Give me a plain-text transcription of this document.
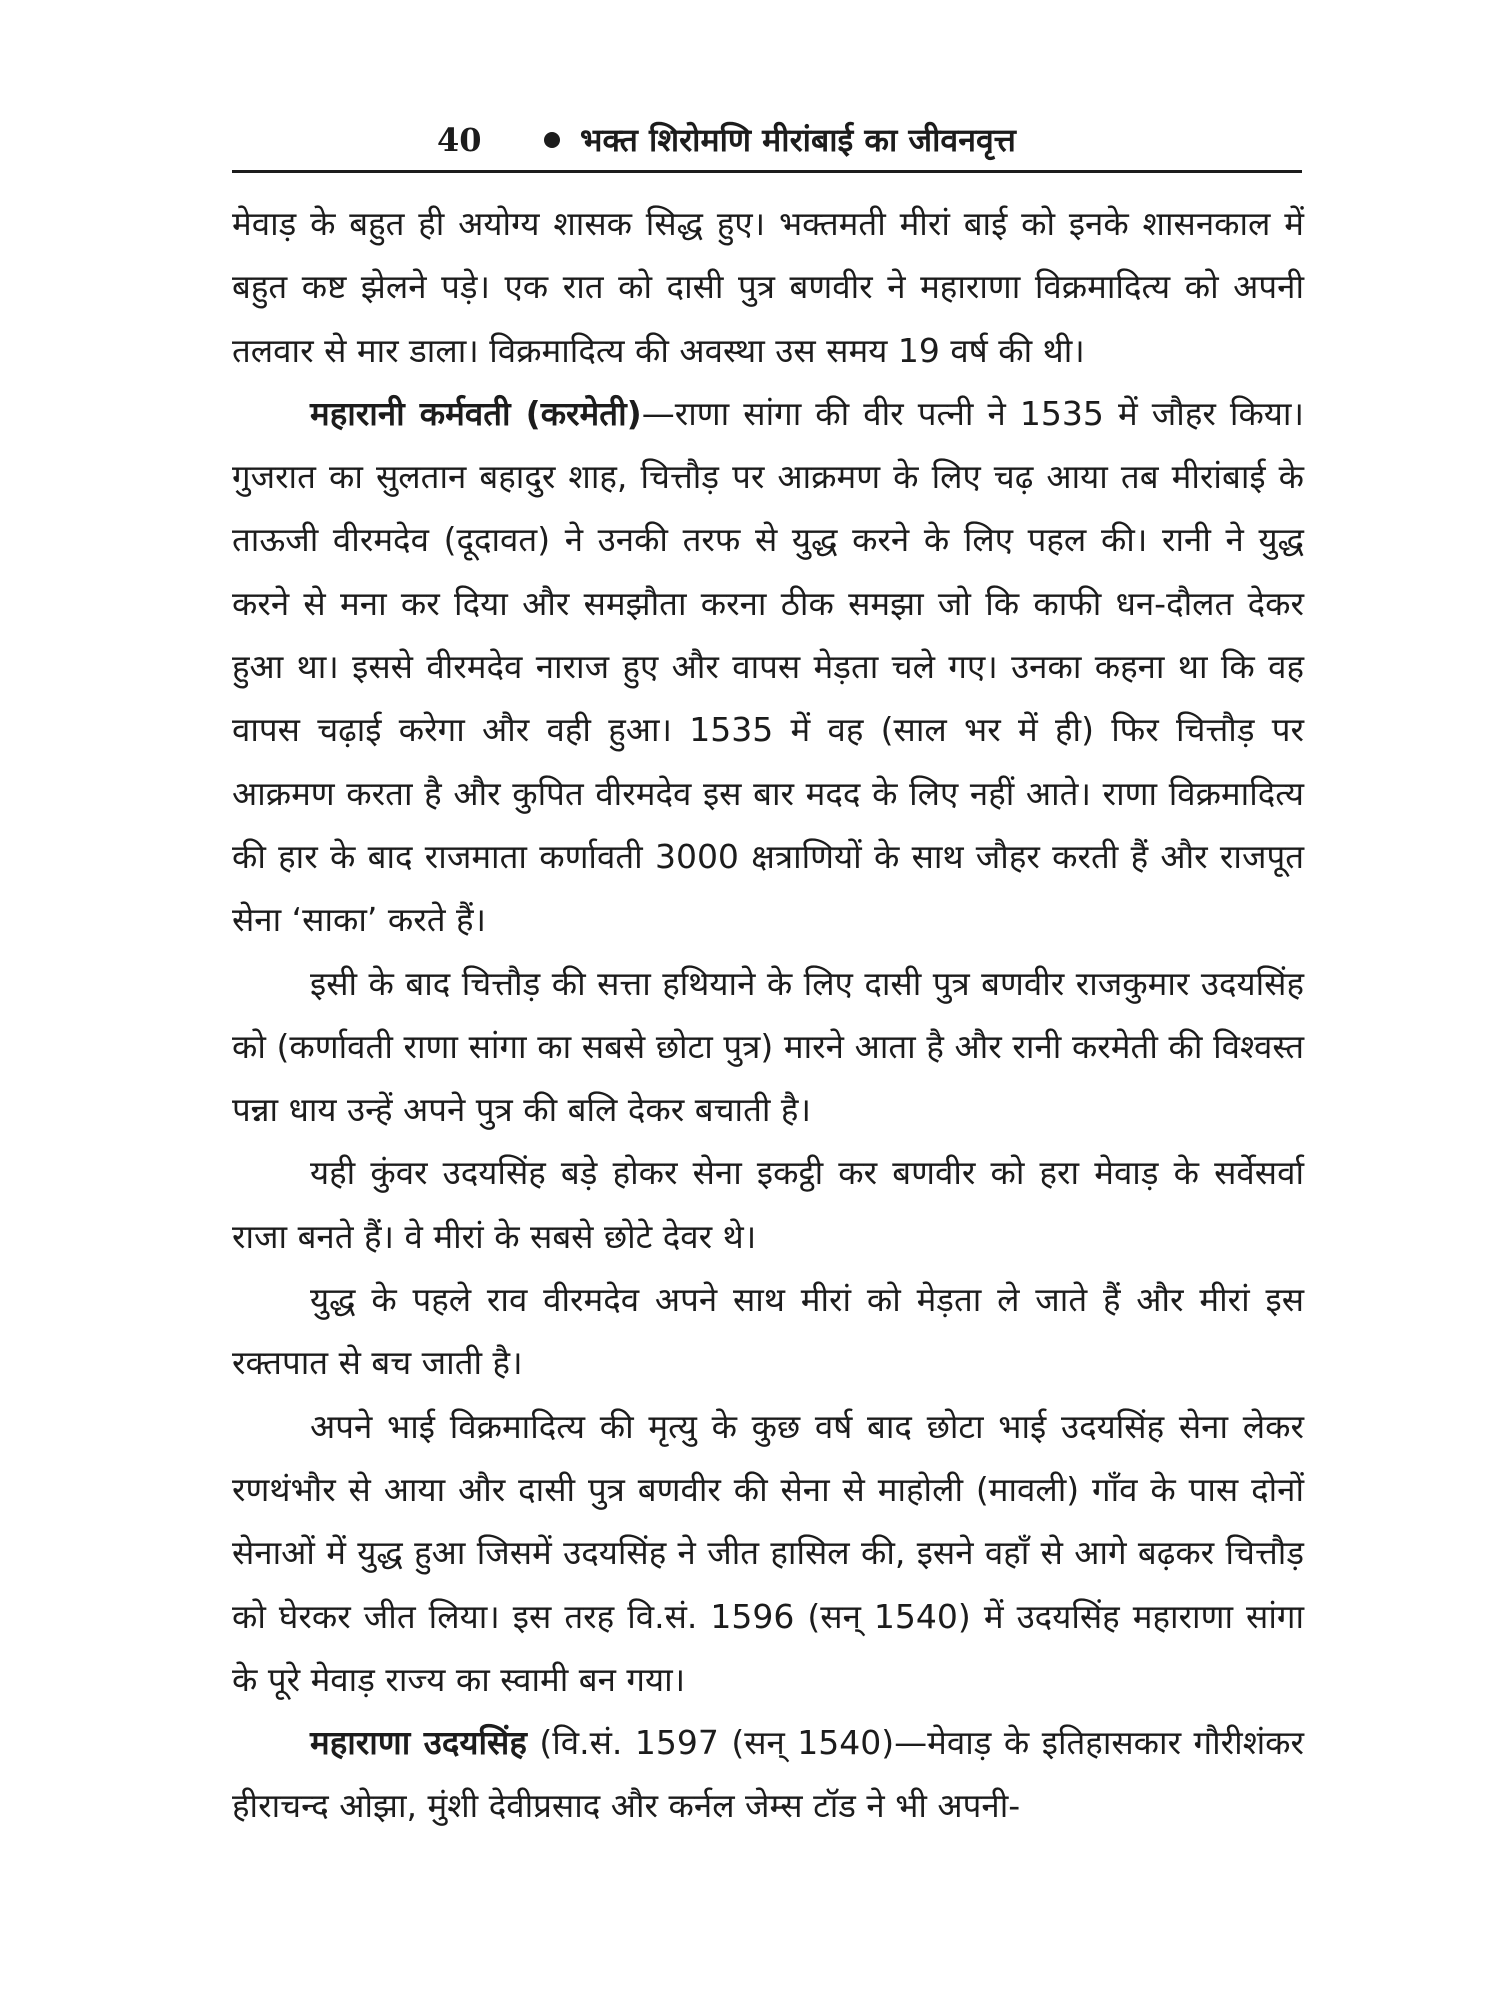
40	भक्त शिरोमणि मीरांबाई का जीवनवृत्त

मेवाड़ के बहुत ही अयोग्य शासक सिद्ध हुए। भक्तमती मीरां बाई को इनके शासनकाल में बहुत कष्ट झेलने पड़े। एक रात को दासी पुत्र बणवीर ने महाराणा विक्रमादित्य को अपनी तलवार से मार डाला। विक्रमादित्य की अवस्था उस समय 19 वर्ष की थी।

महारानी कर्मवती (करमेती)—राणा सांगा की वीर पत्नी ने 1535 में जौहर किया। गुजरात का सुलतान बहादुर शाह, चित्तौड़ पर आक्रमण के लिए चढ़ आया तब मीरांबाई के ताऊजी वीरमदेव (दूदावत) ने उनकी तरफ से युद्ध करने के लिए पहल की। रानी ने युद्ध करने से मना कर दिया और समझौता करना ठीक समझा जो कि काफी धन-दौलत देकर हुआ था। इससे वीरमदेव नाराज हुए और वापस मेड़ता चले गए। उनका कहना था कि वह वापस चढ़ाई करेगा और वही हुआ। 1535 में वह (साल भर में ही) फिर चित्तौड़ पर आक्रमण करता है और कुपित वीरमदेव इस बार मदद के लिए नहीं आते। राणा विक्रमादित्य की हार के बाद राजमाता कर्णावती 3000 क्षत्राणियों के साथ जौहर करती हैं और राजपूत सेना ‘साका’ करते हैं।

इसी के बाद चित्तौड़ की सत्ता हथियाने के लिए दासी पुत्र बणवीर राजकुमार उदयसिंह को (कर्णावती राणा सांगा का सबसे छोटा पुत्र) मारने आता है और रानी करमेती की विश्वस्त पन्ना धाय उन्हें अपने पुत्र की बलि देकर बचाती है।

यही कुंवर उदयसिंह बड़े होकर सेना इकट्ठी कर बणवीर को हरा मेवाड़ के सर्वेसर्वा राजा बनते हैं। वे मीरां के सबसे छोटे देवर थे।

युद्ध के पहले राव वीरमदेव अपने साथ मीरां को मेड़ता ले जाते हैं और मीरां इस रक्तपात से बच जाती है।

अपने भाई विक्रमादित्य की मृत्यु के कुछ वर्ष बाद छोटा भाई उदयसिंह सेना लेकर रणथंभौर से आया और दासी पुत्र बणवीर की सेना से माहोली (मावली) गाँव के पास दोनों सेनाओं में युद्ध हुआ जिसमें उदयसिंह ने जीत हासिल की, इसने वहाँ से आगे बढ़कर चित्तौड़ को घेरकर जीत लिया। इस तरह वि.सं. 1596 (सन् 1540) में उदयसिंह महाराणा सांगा के पूरे मेवाड़ राज्य का स्वामी बन गया।

महाराणा उदयसिंह (वि.सं. 1597 (सन् 1540)—मेवाड़ के इतिहासकार गौरीशंकर हीराचन्द ओझा, मुंशी देवीप्रसाद और कर्नल जेम्स टॉड ने भी अपनी-
